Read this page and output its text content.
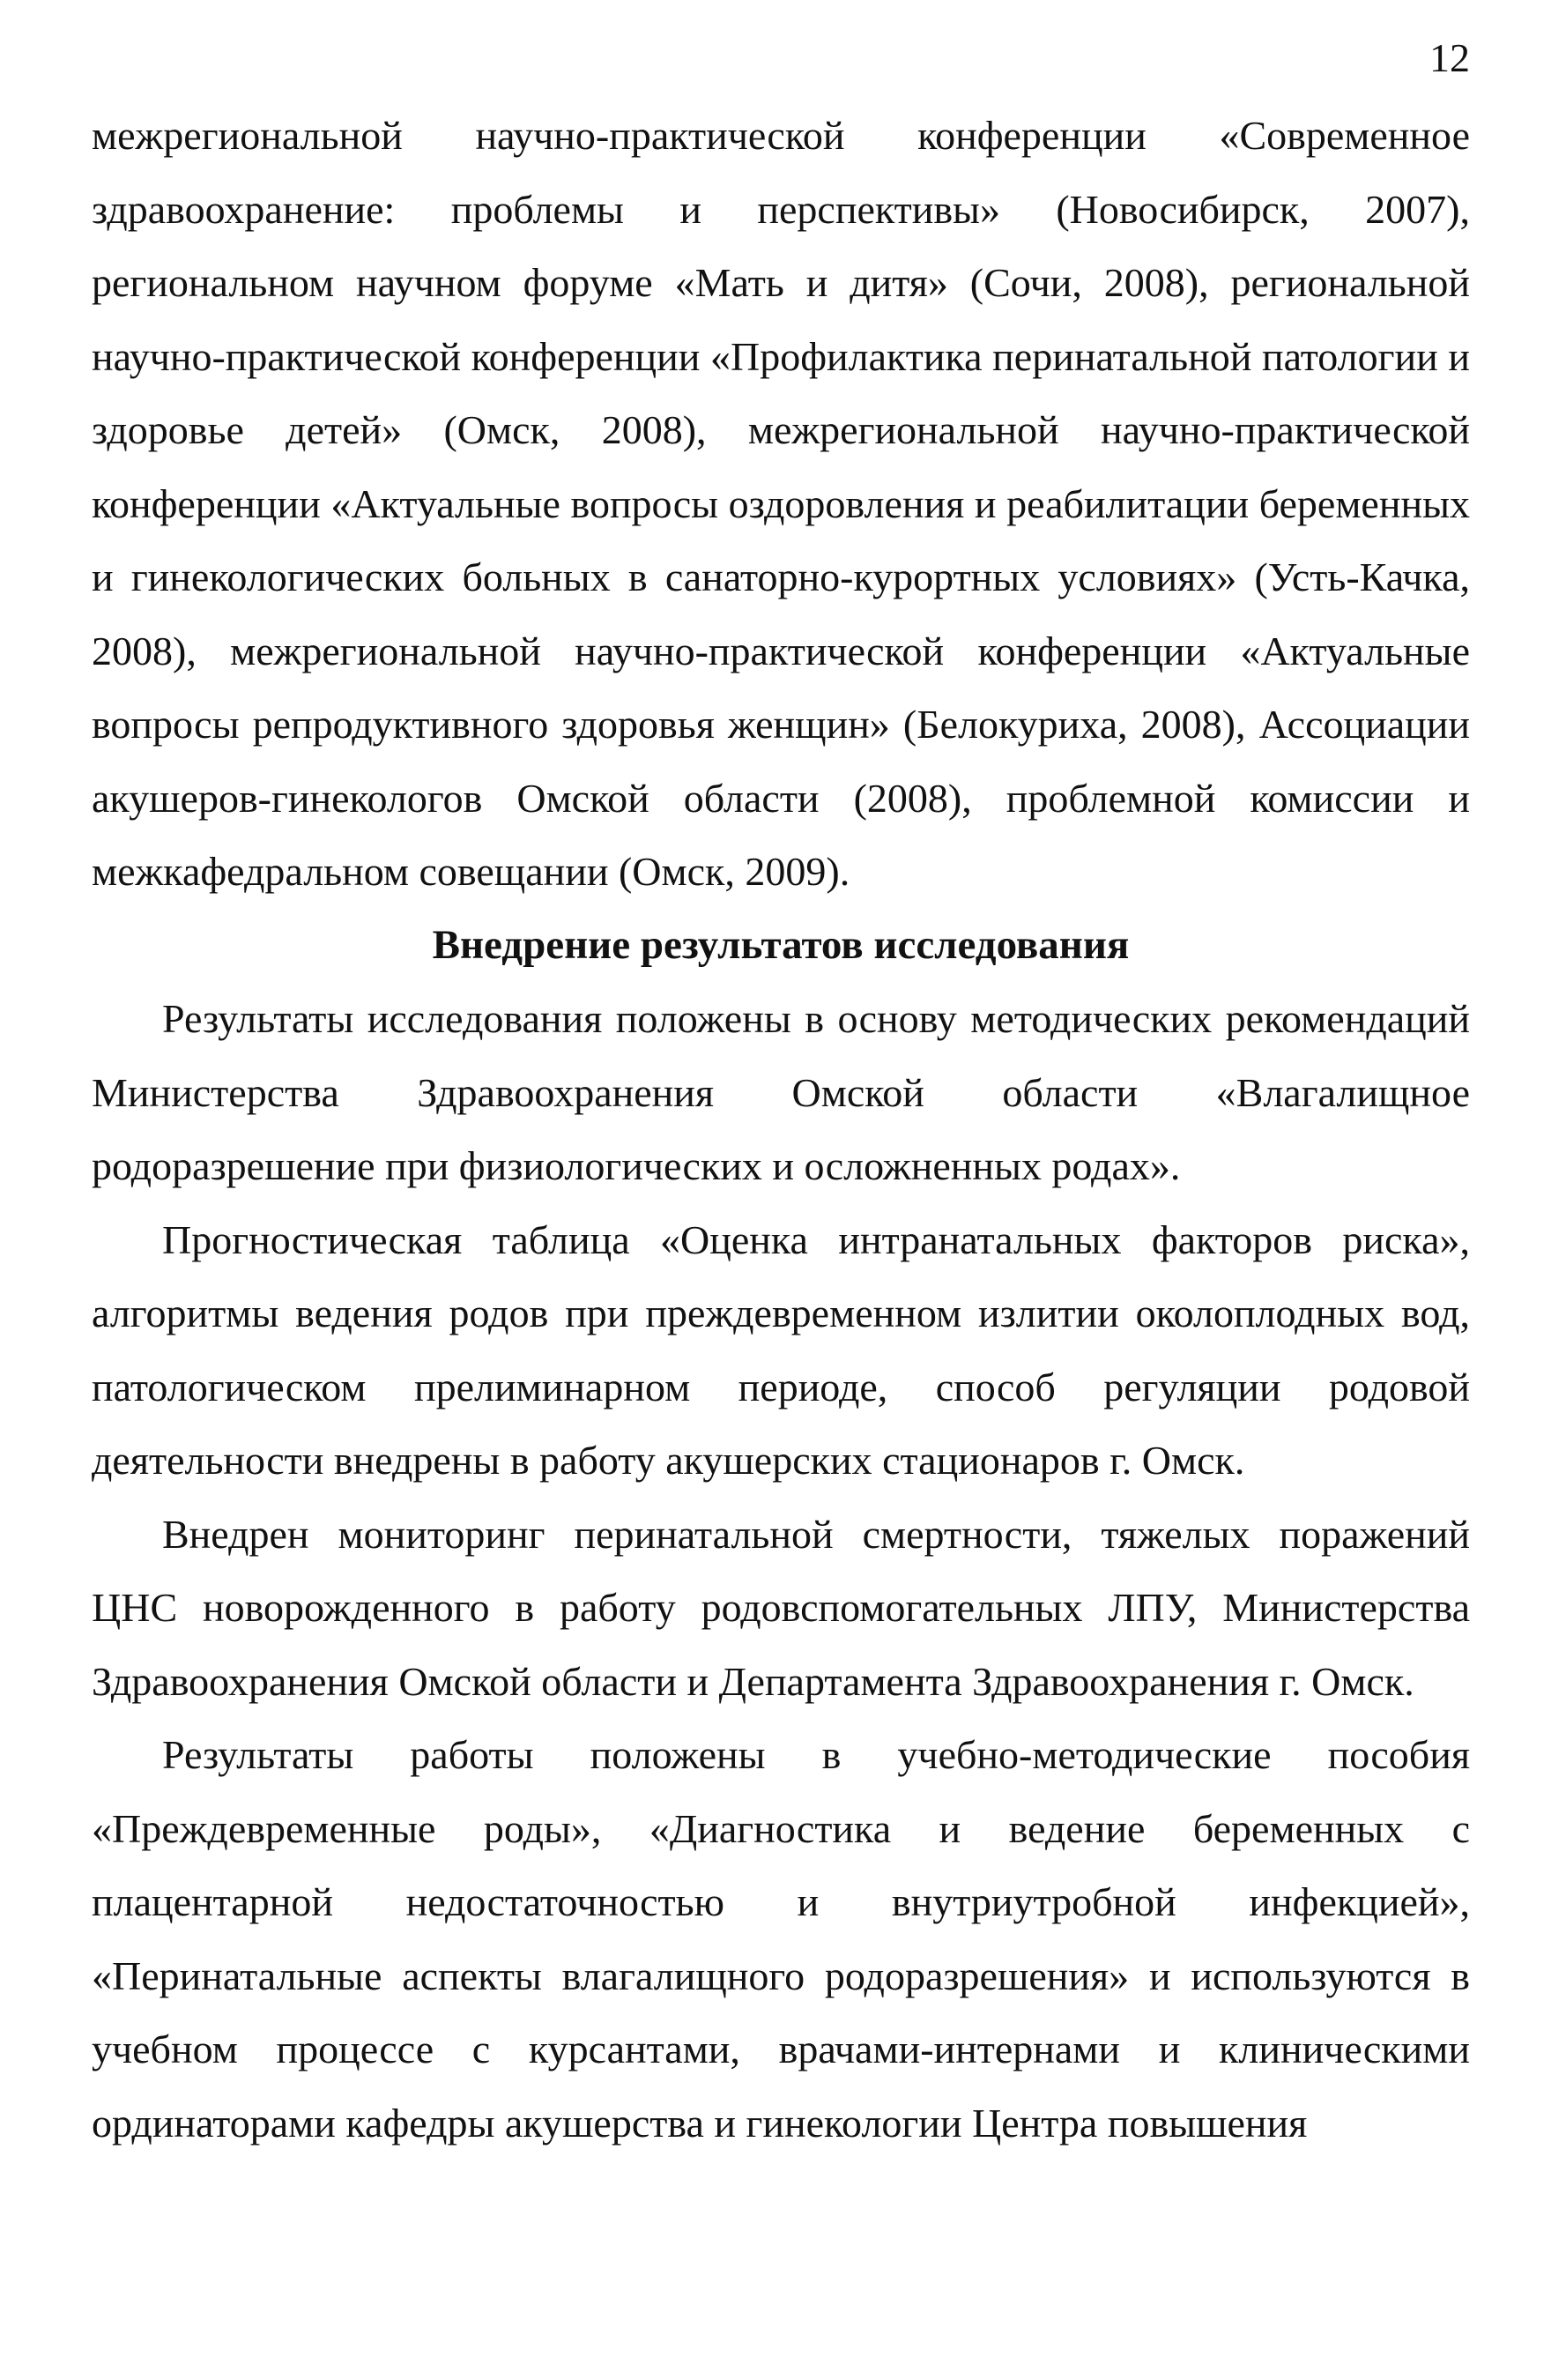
12

межрегиональной научно-практической конференции «Современное здравоохранение: проблемы и перспективы» (Новосибирск, 2007), региональном научном форуме «Мать и дитя» (Сочи, 2008), региональной научно-практической конференции «Профилактика перинатальной патологии и здоровье детей» (Омск, 2008), межрегиональной научно-практической конференции «Актуальные вопросы оздоровления и реабилитации беременных и гинекологических больных в санаторно-курортных условиях» (Усть-Качка, 2008), межрегиональной научно-практической конференции «Актуальные вопросы репродуктивного здоровья женщин» (Белокуриха, 2008), Ассоциации акушеров-гинекологов Омской области (2008), проблемной комиссии и межкафедральном совещании (Омск, 2009).

Внедрение результатов исследования

Результаты исследования положены в основу методических рекомендаций Министерства Здравоохранения Омской области «Влагалищное родоразрешение при физиологических и осложненных родах».

Прогностическая таблица «Оценка интранатальных факторов риска», алгоритмы ведения родов при преждевременном излитии околоплодных вод, патологическом прелиминарном периоде, способ регуляции родовой деятельности внедрены в работу акушерских стационаров г. Омск.

Внедрен мониторинг перинатальной смертности, тяжелых поражений ЦНС новорожденного в работу родовспомогательных ЛПУ, Министерства Здравоохранения Омской области и Департамента Здравоохранения г. Омск.

Результаты работы положены в учебно-методические пособия «Преждевременные роды», «Диагностика и ведение беременных с плацентарной недостаточностью и внутриутробной инфекцией», «Перинатальные аспекты влагалищного родоразрешения» и используются в учебном процессе с курсантами, врачами-интернами и клиническими ординаторами кафедры акушерства и гинекологии Центра повышения
